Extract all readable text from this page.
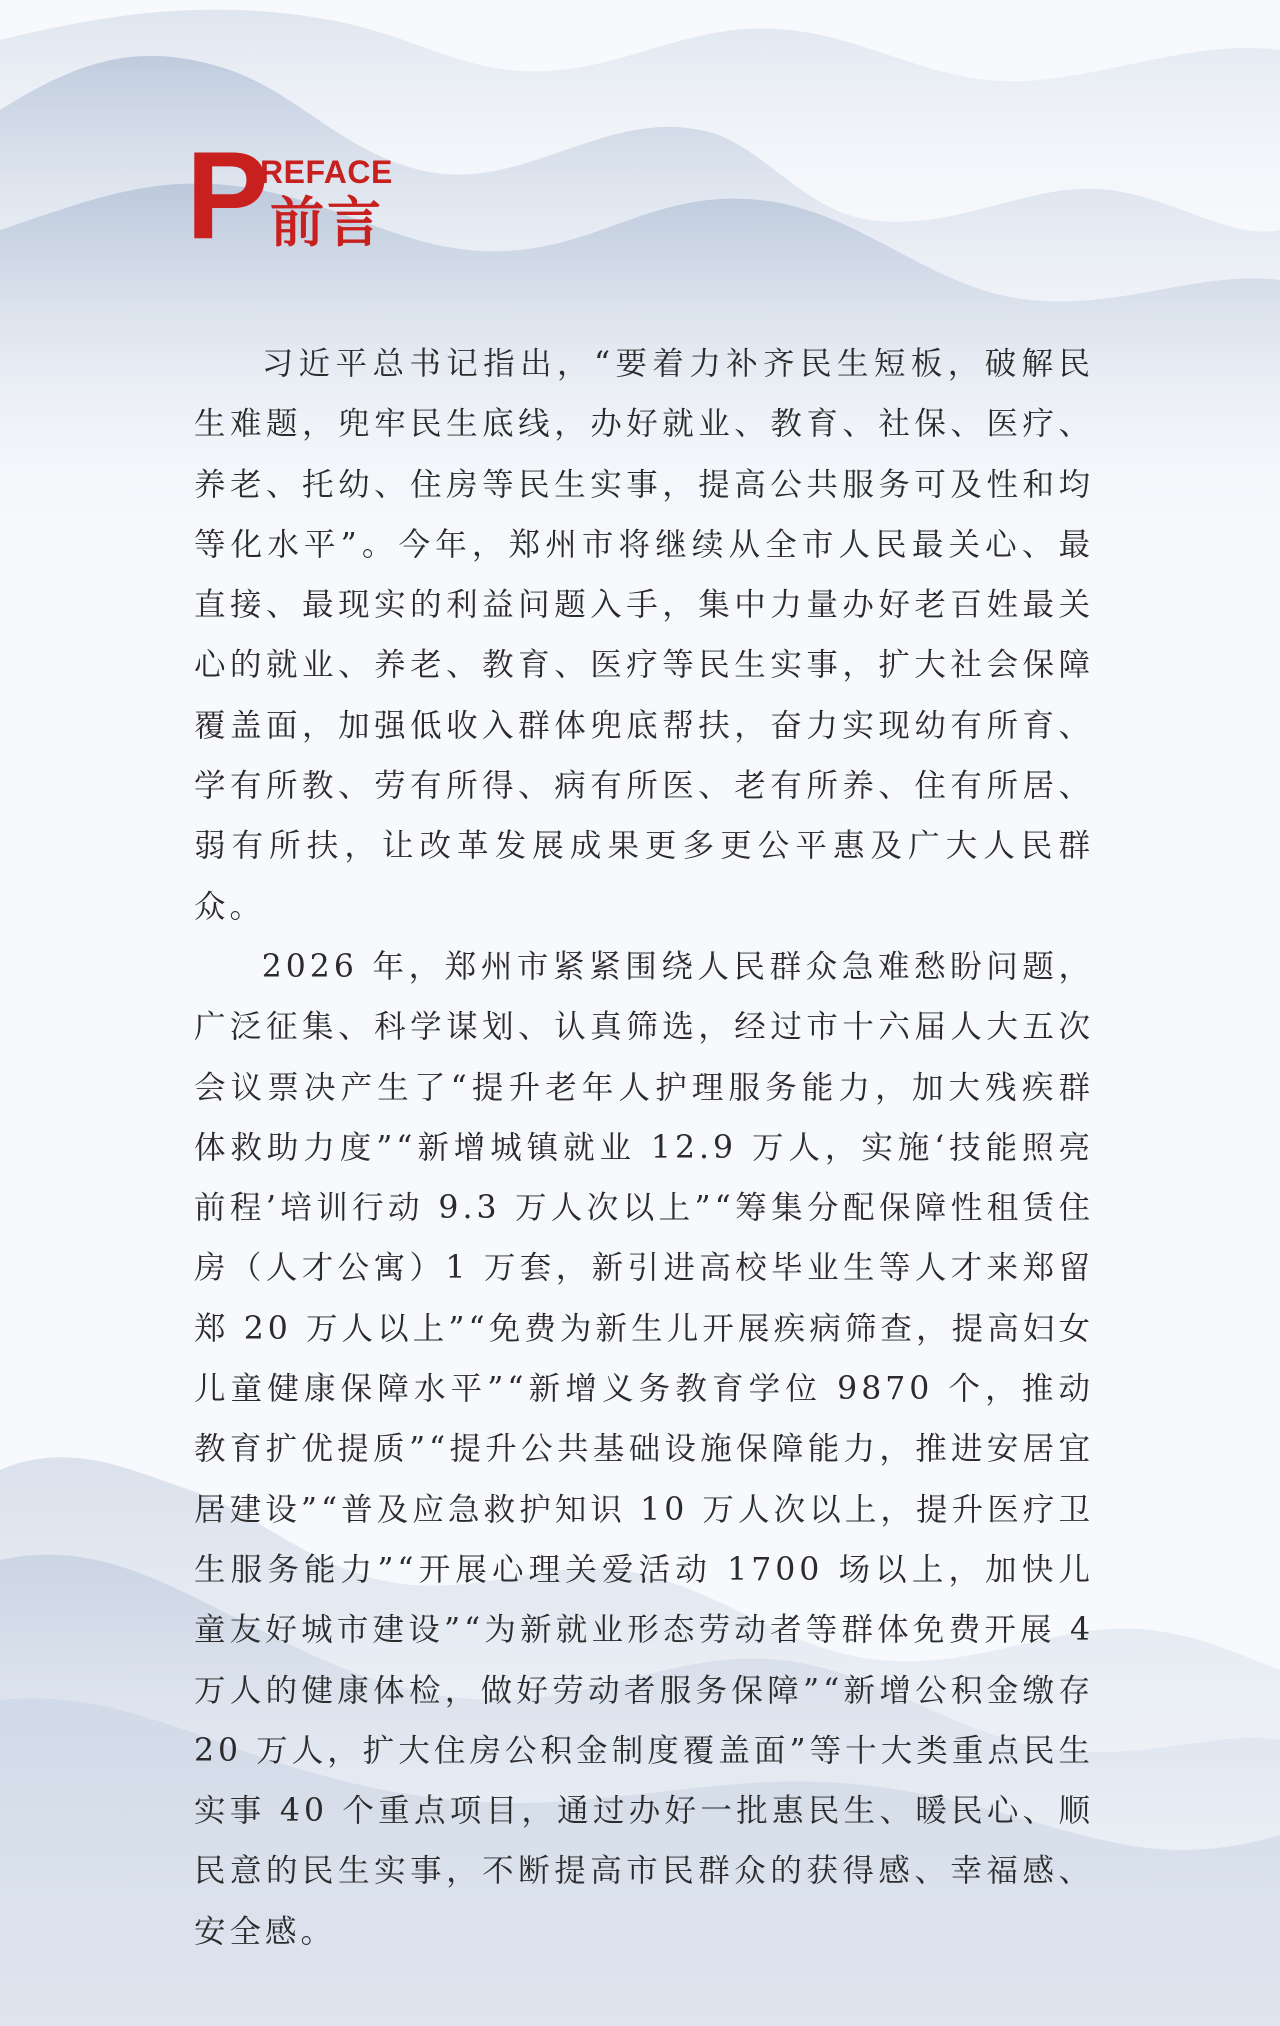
P
REFACE
前言

习近平总书记指出，“要着力补齐民生短板，破解民生难题，兜牢民生底线，办好就业、教育、社保、医疗、养老、托幼、住房等民生实事，提高公共服务可及性和均等化水平”。今年，郑州市将继续从全市人民最关心、最直接、最现实的利益问题入手，集中力量办好老百姓最关心的就业、养老、教育、医疗等民生实事，扩大社会保障覆盖面，加强低收入群体兜底帮扶，奋力实现幼有所育、学有所教、劳有所得、病有所医、老有所养、住有所居、弱有所扶，让改革发展成果更多更公平惠及广大人民群众。

2026 年，郑州市紧紧围绕人民群众急难愁盼问题，广泛征集、科学谋划、认真筛选，经过市十六届人大五次会议票决产生了“提升老年人护理服务能力，加大残疾群体救助力度”“新增城镇就业 12.9 万人，实施‘技能照亮前程’培训行动 9.3 万人次以上”“筹集分配保障性租赁住房（人才公寓）1 万套，新引进高校毕业生等人才来郑留郑 20 万人以上”“免费为新生儿开展疾病筛查，提高妇女儿童健康保障水平”“新增义务教育学位 9870 个，推动教育扩优提质”“提升公共基础设施保障能力，推进安居宜居建设”“普及应急救护知识 10 万人次以上，提升医疗卫生服务能力”“开展心理关爱活动 1700 场以上，加快儿童友好城市建设”“为新就业形态劳动者等群体免费开展 4 万人的健康体检，做好劳动者服务保障”“新增公积金缴存 20 万人，扩大住房公积金制度覆盖面”等十大类重点民生实事 40 个重点项目，通过办好一批惠民生、暖民心、顺民意的民生实事，不断提高市民群众的获得感、幸福感、安全感。
